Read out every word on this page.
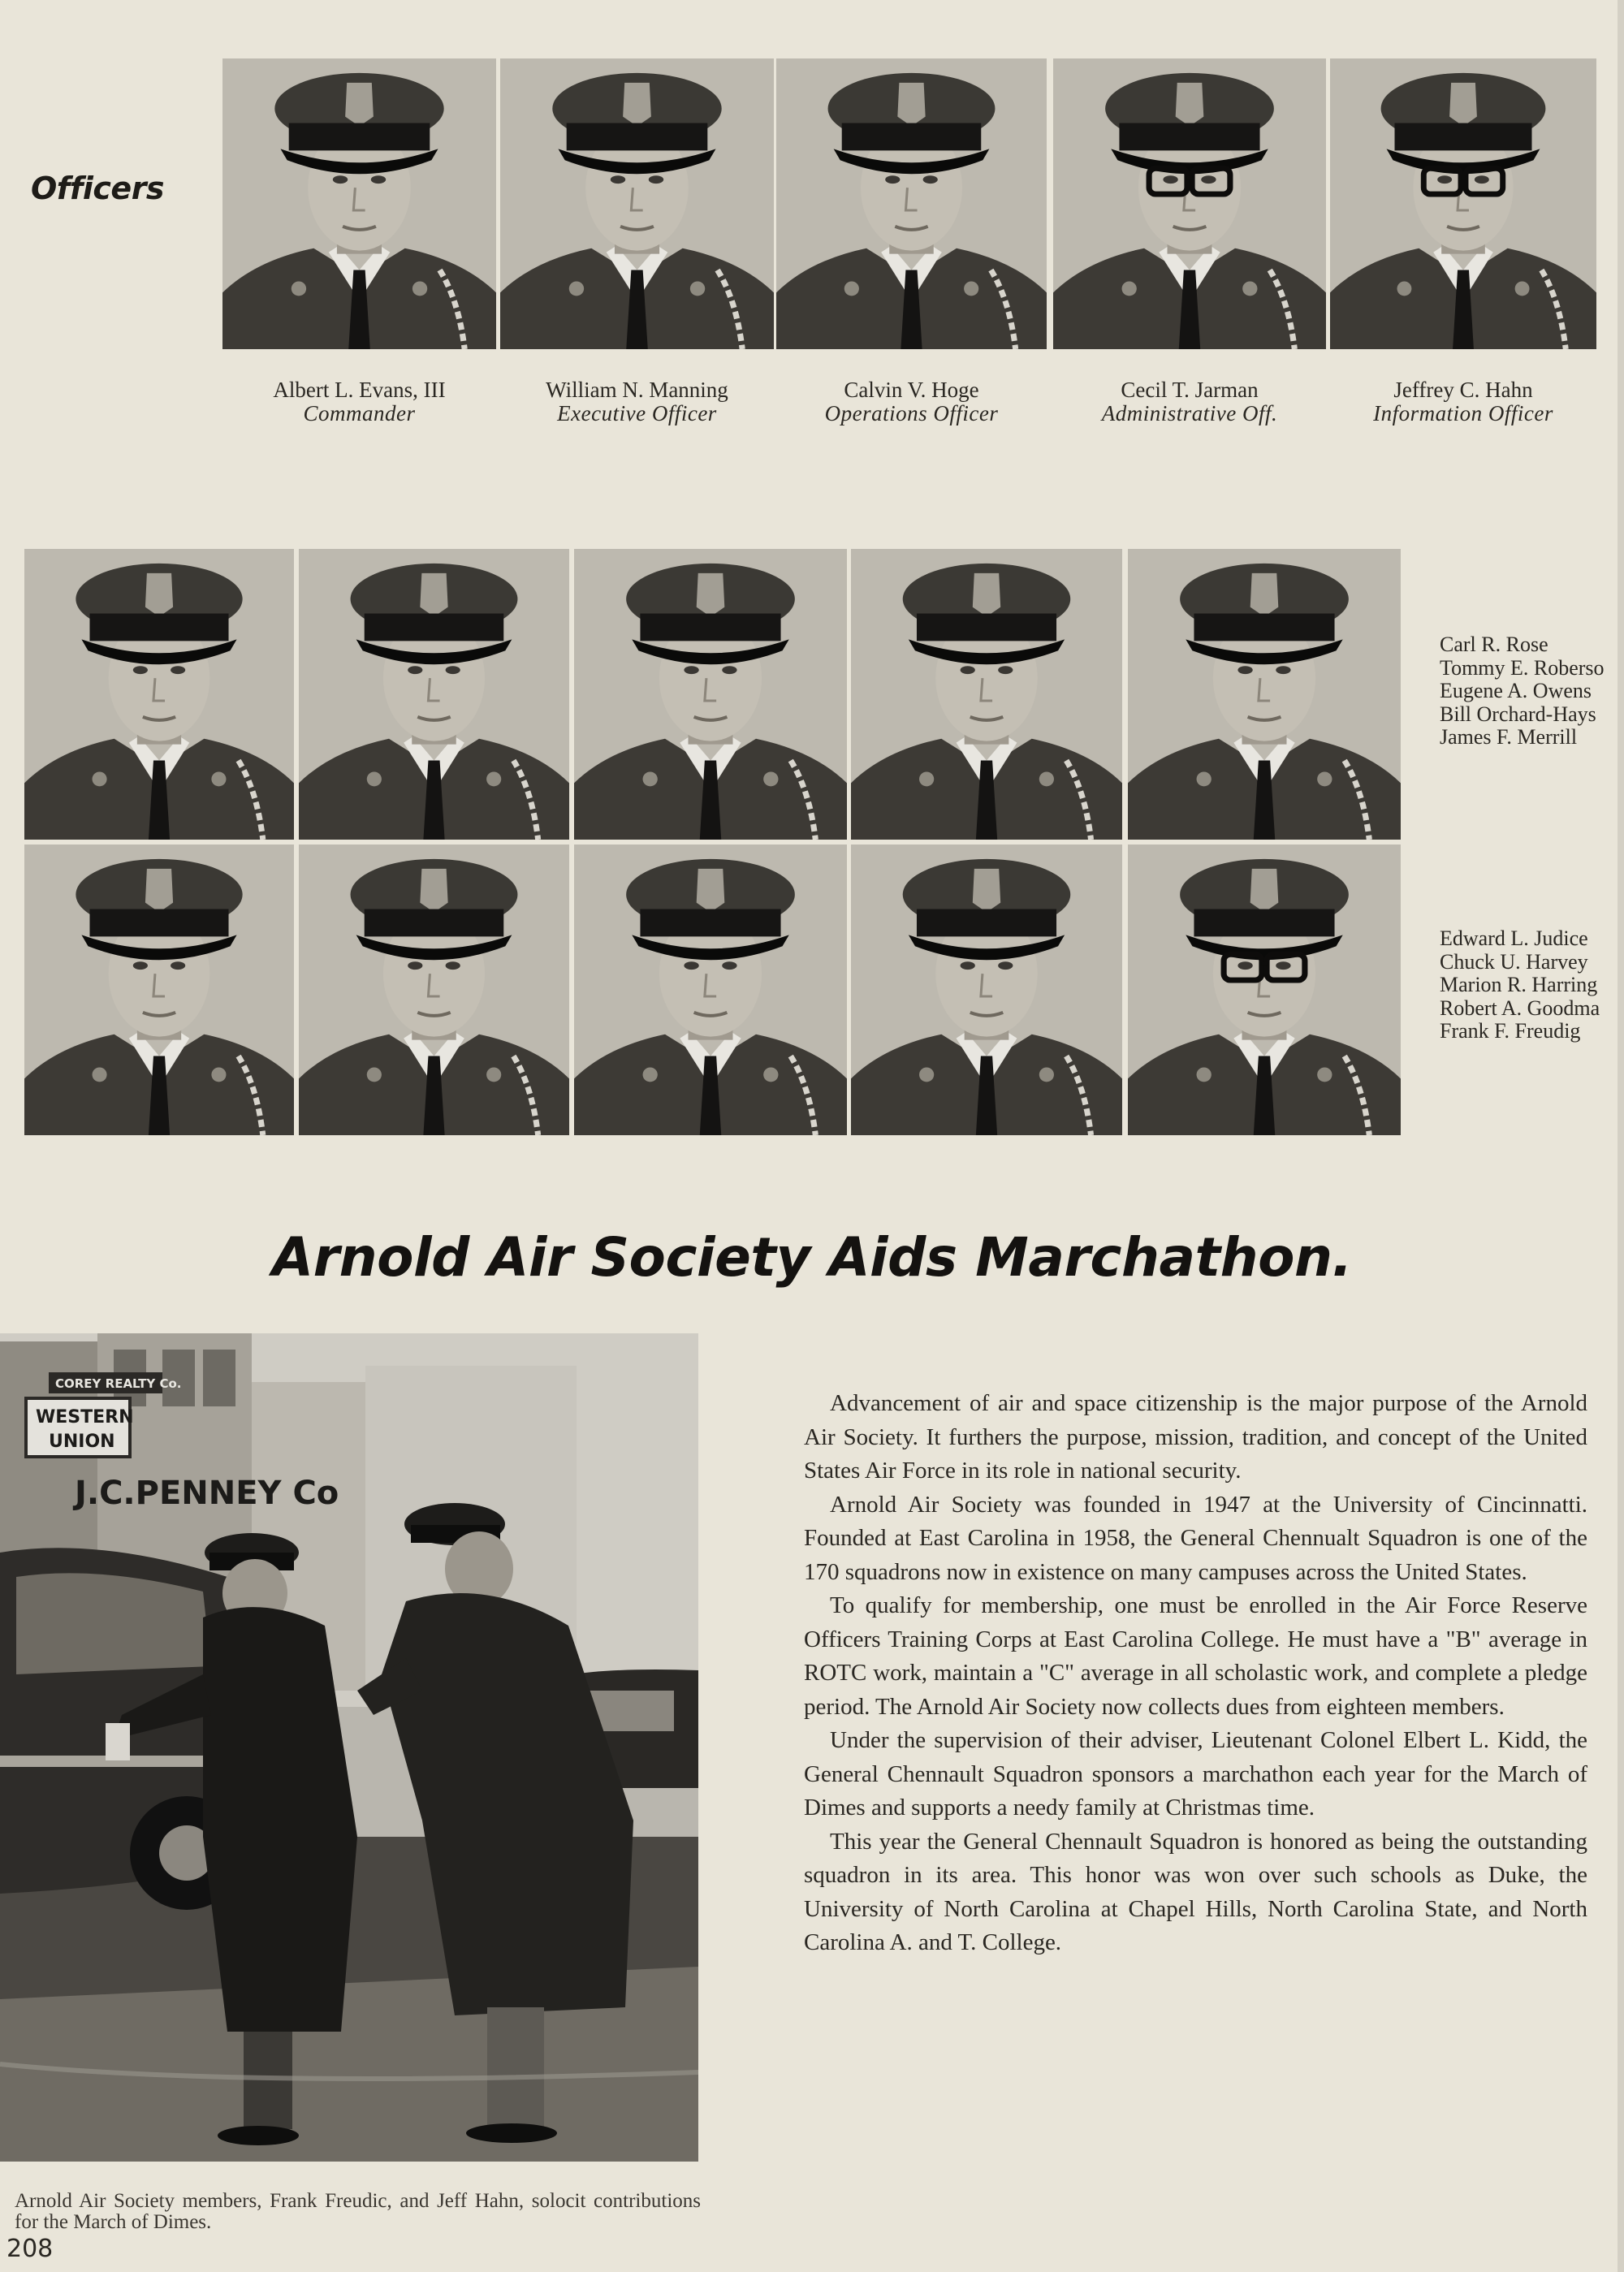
Officers
Albert L. Evans, III
Commander
William N. Manning
Executive Officer
Calvin V. Hoge
Operations Officer
Cecil T. Jarman
Administrative Off.
Jeffrey C. Hahn
Information Officer
Carl R. Rose
Tommy E. Roberso
Eugene A. Owens
Bill Orchard-Hays
James F. Merrill
Edward L. Judice
Chuck U. Harvey
Marion R. Harring
Robert A. Goodma
Frank F. Freudig
Arnold Air Society Aids Marchathon.
COREY REALTY Co.
WESTERN
UNION
J.C.PENNEY Co
Arnold Air Society members, Frank Freudic, and Jeff Hahn, solocit contributions for the March of Dimes.
208

Advancement of air and space citizenship is the major purpose of the Arnold Air Society. It furthers the purpose, mission, tradition, and concept of the United States Air Force in its role in national security.

Arnold Air Society was founded in 1947 at the University of Cincinnatti. Founded at East Carolina in 1958, the General Chennualt Squadron is one of the 170 squadrons now in existence on many campuses across the United States.

To qualify for membership, one must be enrolled in the Air Force Reserve Officers Training Corps at East Carolina College. He must have a "B" average in ROTC work, maintain a "C" average in all scholastic work, and complete a pledge period. The Arnold Air Society now collects dues from eighteen members.

Under the supervision of their adviser, Lieutenant Colonel Elbert L. Kidd, the General Chennault Squadron sponsors a marchathon each year for the March of Dimes and supports a needy family at Christmas time.

This year the General Chennault Squadron is honored as being the outstanding squadron in its area. This honor was won over such schools as Duke, the University of North Carolina at Chapel Hills, North Carolina State, and North Carolina A. and T. College.
